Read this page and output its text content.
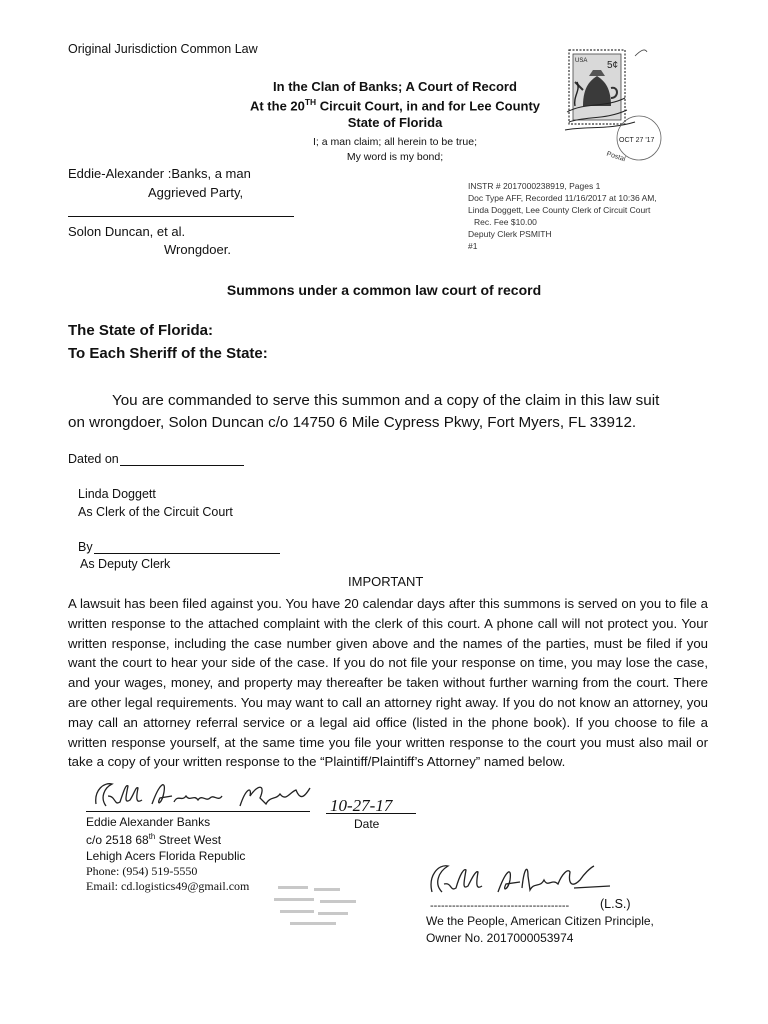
Original Jurisdiction Common Law
In the Clan of Banks; A Court of Record
At the 20TH Circuit Court, in and for Lee County
State of Florida
I; a man claim; all herein to be true;
My word is my bond;
USA 5¢
OCT 27 '17
Postal
Eddie-Alexander :Banks, a man
Aggrieved Party,
Solon Duncan, et al.
Wrongdoer.
INSTR # 2017000238919, Pages 1
Doc Type AFF, Recorded 11/16/2017 at 10:36 AM,
Linda Doggett, Lee County Clerk of Circuit Court
Rec. Fee $10.00
Deputy Clerk PSMITH
#1
Summons under a common law court of record
The State of Florida:
To Each Sheriff of the State:
You are commanded to serve this summon and a copy of the claim in this law suit
on wrongdoer, Solon Duncan c/o 14750 6 Mile Cypress Pkwy, Fort Myers, FL 33912.
Dated on
Linda Doggett
As Clerk of the Circuit Court
By
As Deputy Clerk
IMPORTANT
A lawsuit has been filed against you. You have 20 calendar days after this summons is served on you to file a written response to the attached complaint with the clerk of this court. A phone call will not protect you. Your written response, including the case number given above and the names of the parties, must be filed if you want the court to hear your side of the case. If you do not file your response on time, you may lose the case, and your wages, money, and property may thereafter be taken without further warning from the court. There are other legal requirements. You may want to call an attorney right away. If you do not know an attorney, you may call an attorney referral service or a legal aid office (listed in the phone book). If you choose to file a written response yourself, at the same time you file your written response to the court you must also mail or take a copy of your written response to the “Plaintiff/Plaintiff’s Attorney” named below.
10-27-17
Date
Eddie Alexander Banks
c/o 2518 68th Street West
Lehigh Acers Florida Republic
Phone: (954) 519-5550
Email: cd.logistics49@gmail.com
-------------------------------------- (L.S.)
We the People, American Citizen Principle,
Owner No. 2017000053974
